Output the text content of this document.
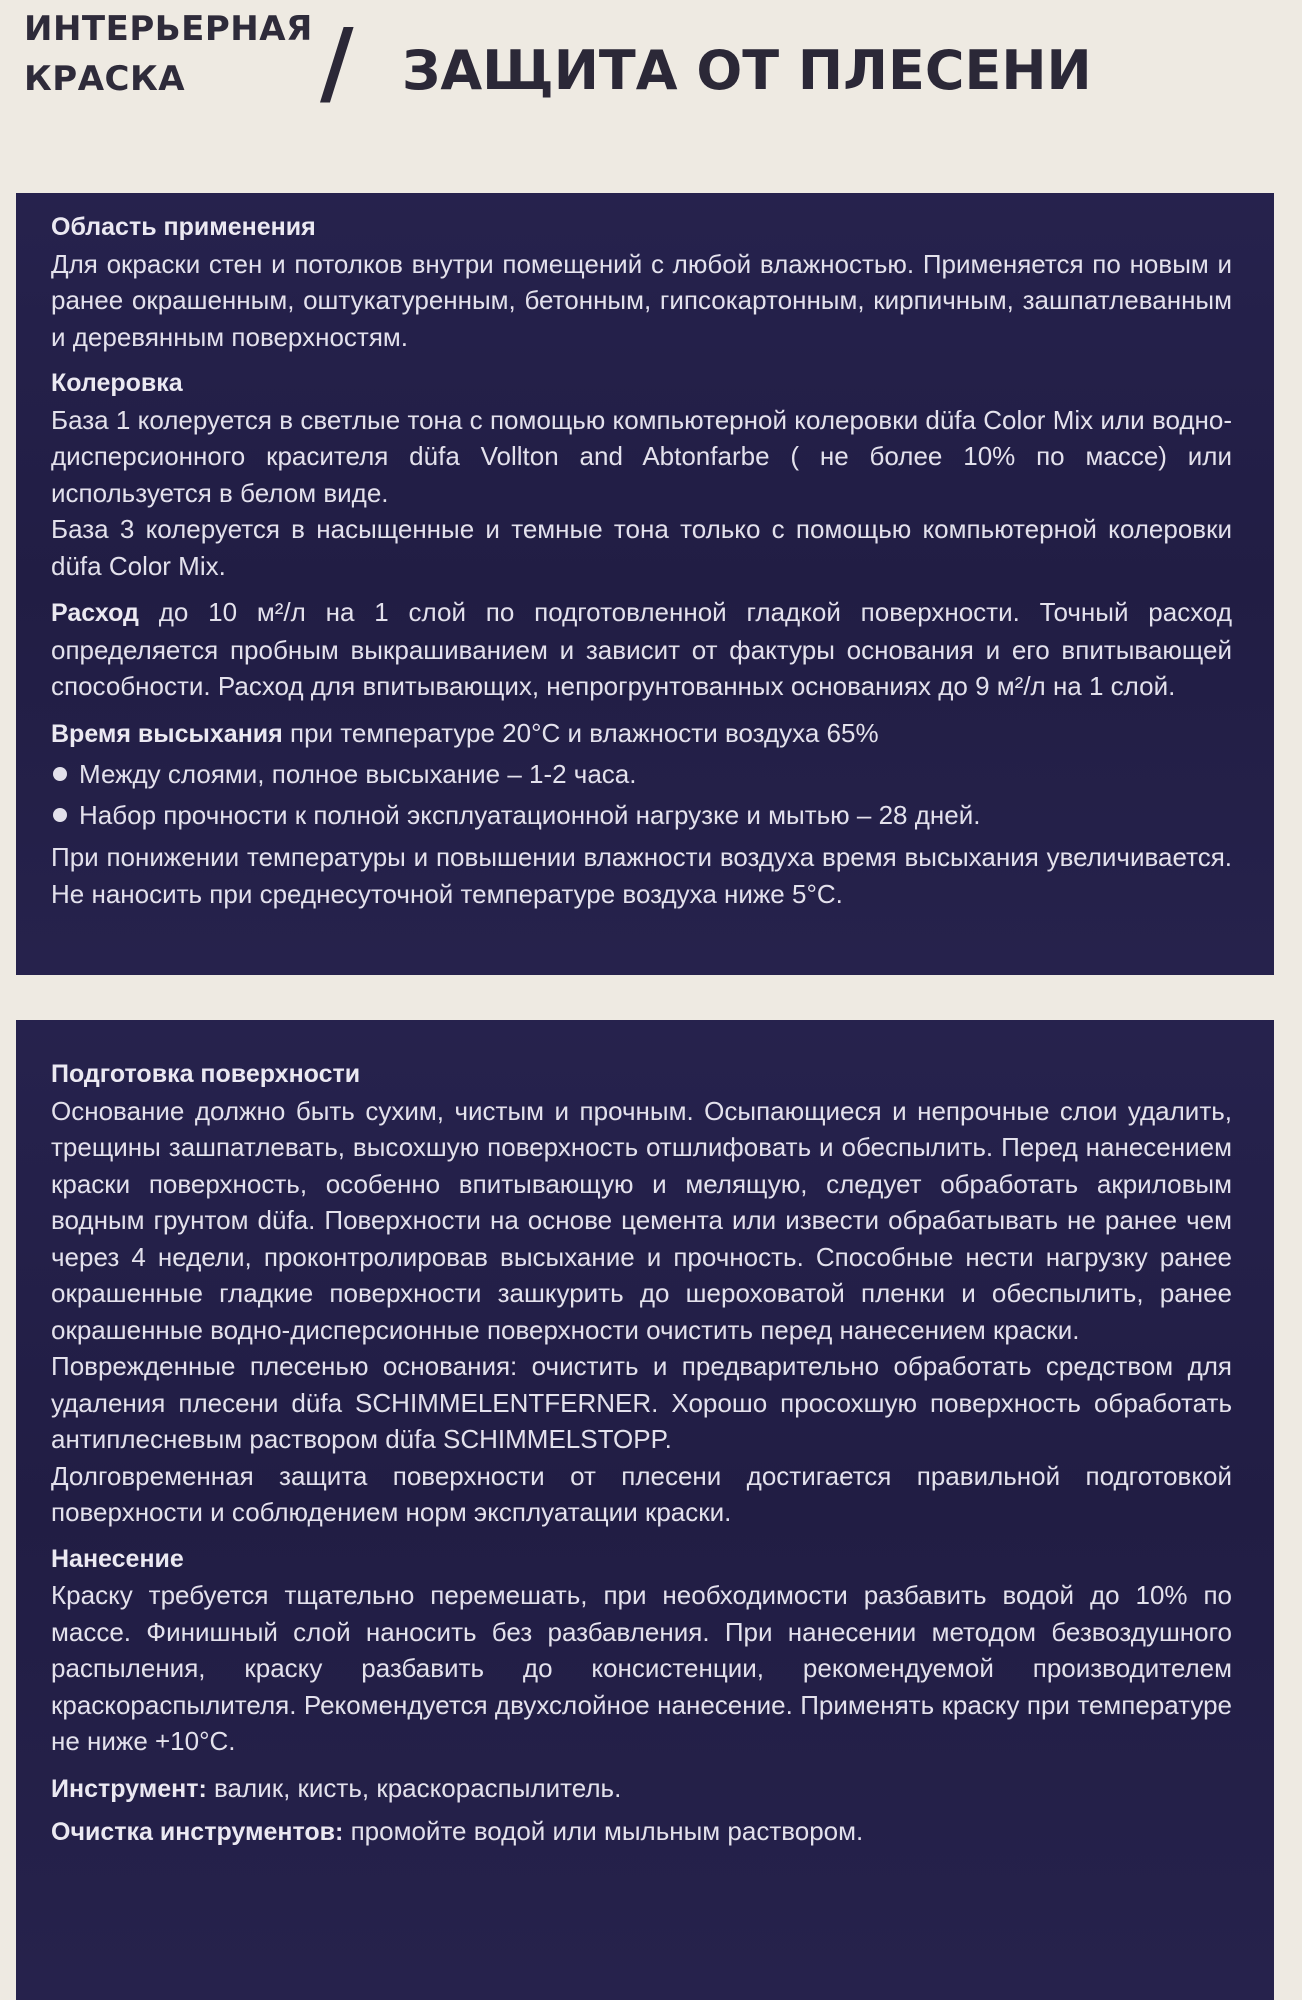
ИНТЕРЬЕРНАЯ
КРАСКА	/ ЗАЩИТА ОТ ПЛЕСЕНИ
Область применения

Для окраски стен и потолков внутри помещений с любой влажностью. Применяется по новым и ранее окрашенным, оштукатуренным, бетонным, гипсокартонным, кирпичным, зашпатлеванным и деревянным поверхностям.

Колеровка

База 1 колеруется в светлые тона с помощью компьютерной колеровки düfa Color Mix или водно-дисперсионного красителя düfa Vollton and Abtonfarbe ( не более 10% по массе) или используется в белом виде.

База 3 колеруется в насыщенные и темные тона только с помощью компьютерной колеровки düfa Color Mix.

Расход до 10 м²/л на 1 слой по подготовленной гладкой поверхности. Точный расход определяется пробным выкрашиванием и зависит от фактуры основания и его впитывающей способности. Расход для впитывающих, непрогрунтованных основаниях до 9 м²/л на 1 слой.

Время высыхания при температуре 20°С и влажности воздуха 65%

Между слоями, полное высыхание – 1-2 часа.
Набор прочности к полной эксплуатационной нагрузке и мытью – 28 дней.

При понижении температуры и повышении влажности воздуха время высыхания увеличивается. Не наносить при среднесуточной температуре воздуха ниже 5°С.

Подготовка поверхности

Основание должно быть сухим, чистым и прочным. Осыпающиеся и непрочные слои удалить, трещины зашпатлевать, высохшую поверхность отшлифовать и обеспылить. Перед нанесением краски поверхность, особенно впитывающую и мелящую, следует обработать акриловым водным грунтом düfa. Поверхности на основе цемента или извести обрабатывать не ранее чем через 4 недели, проконтролировав высыхание и прочность. Способные нести нагрузку ранее окрашенные гладкие поверхности зашкурить до шероховатой пленки и обеспылить, ранее окрашенные водно-дисперсионные поверхности очистить перед нанесением краски.

Поврежденные плесенью основания: очистить и предварительно обработать средством для удаления плесени düfa SCHIMMELENTFERNER. Хорошо просохшую поверхность обработать антиплесневым раствором düfa SCHIMMELSTOPP.

Долговременная защита поверхности от плесени достигается правильной подготовкой поверхности и соблюдением норм эксплуатации краски.

Нанесение

Краску требуется тщательно перемешать, при необходимости разбавить водой до 10% по массе. Финишный слой наносить без разбавления. При нанесении методом безвоздушного распыления, краску разбавить до консистенции, рекомендуемой производителем краскораспылителя. Рекомендуется двухслойное нанесение. Применять краску при температуре не ниже +10°С.

Инструмент: валик, кисть, краскораспылитель.

Очистка инструментов: промойте водой или мыльным раствором.
